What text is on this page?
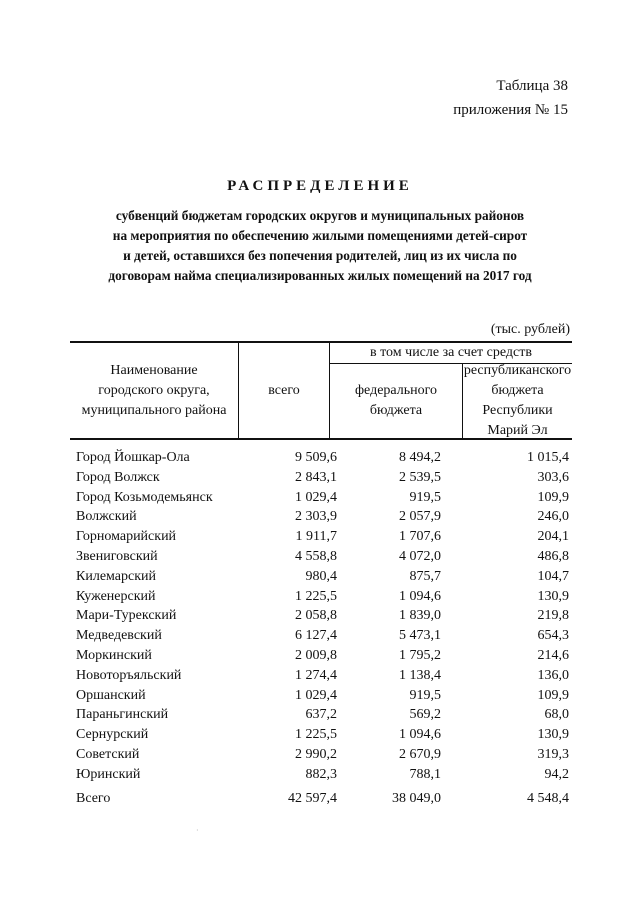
Таблица 38
приложения № 15
РАСПРЕДЕЛЕНИЕ
субвенций бюджетам городских округов и муниципальных районов
на мероприятия по обеспечению жилыми помещениями детей-сирот
и детей, оставшихся без попечения родителей, лиц из их числа по
договорам найма специализированных жилых помещений на 2017 год
(тыс. рублей)
Наименование
городского округа,
муниципального района
всего
в том числе за счет средств
федерального
бюджета
республиканского
бюджета
Республики
Марий Эл
Город Йошкар-Ола	9 509,6	8 494,2	1 015,4
Город Волжск	2 843,1	2 539,5	303,6
Город Козьмодемьянск	1 029,4	919,5	109,9
Волжский	2 303,9	2 057,9	246,0
Горномарийский	1 911,7	1 707,6	204,1
Звениговский	4 558,8	4 072,0	486,8
Килемарский	980,4	875,7	104,7
Куженерский	1 225,5	1 094,6	130,9
Мари-Турекский	2 058,8	1 839,0	219,8
Медведевский	6 127,4	5 473,1	654,3
Моркинский	2 009,8	1 795,2	214,6
Новоторъяльский	1 274,4	1 138,4	136,0
Оршанский	1 029,4	919,5	109,9
Параньгинский	637,2	569,2	68,0
Сернурский	1 225,5	1 094,6	130,9
Советский	2 990,2	2 670,9	319,3
Юринский	882,3	788,1	94,2
Всего	42 597,4	38 049,0	4 548,4
·
